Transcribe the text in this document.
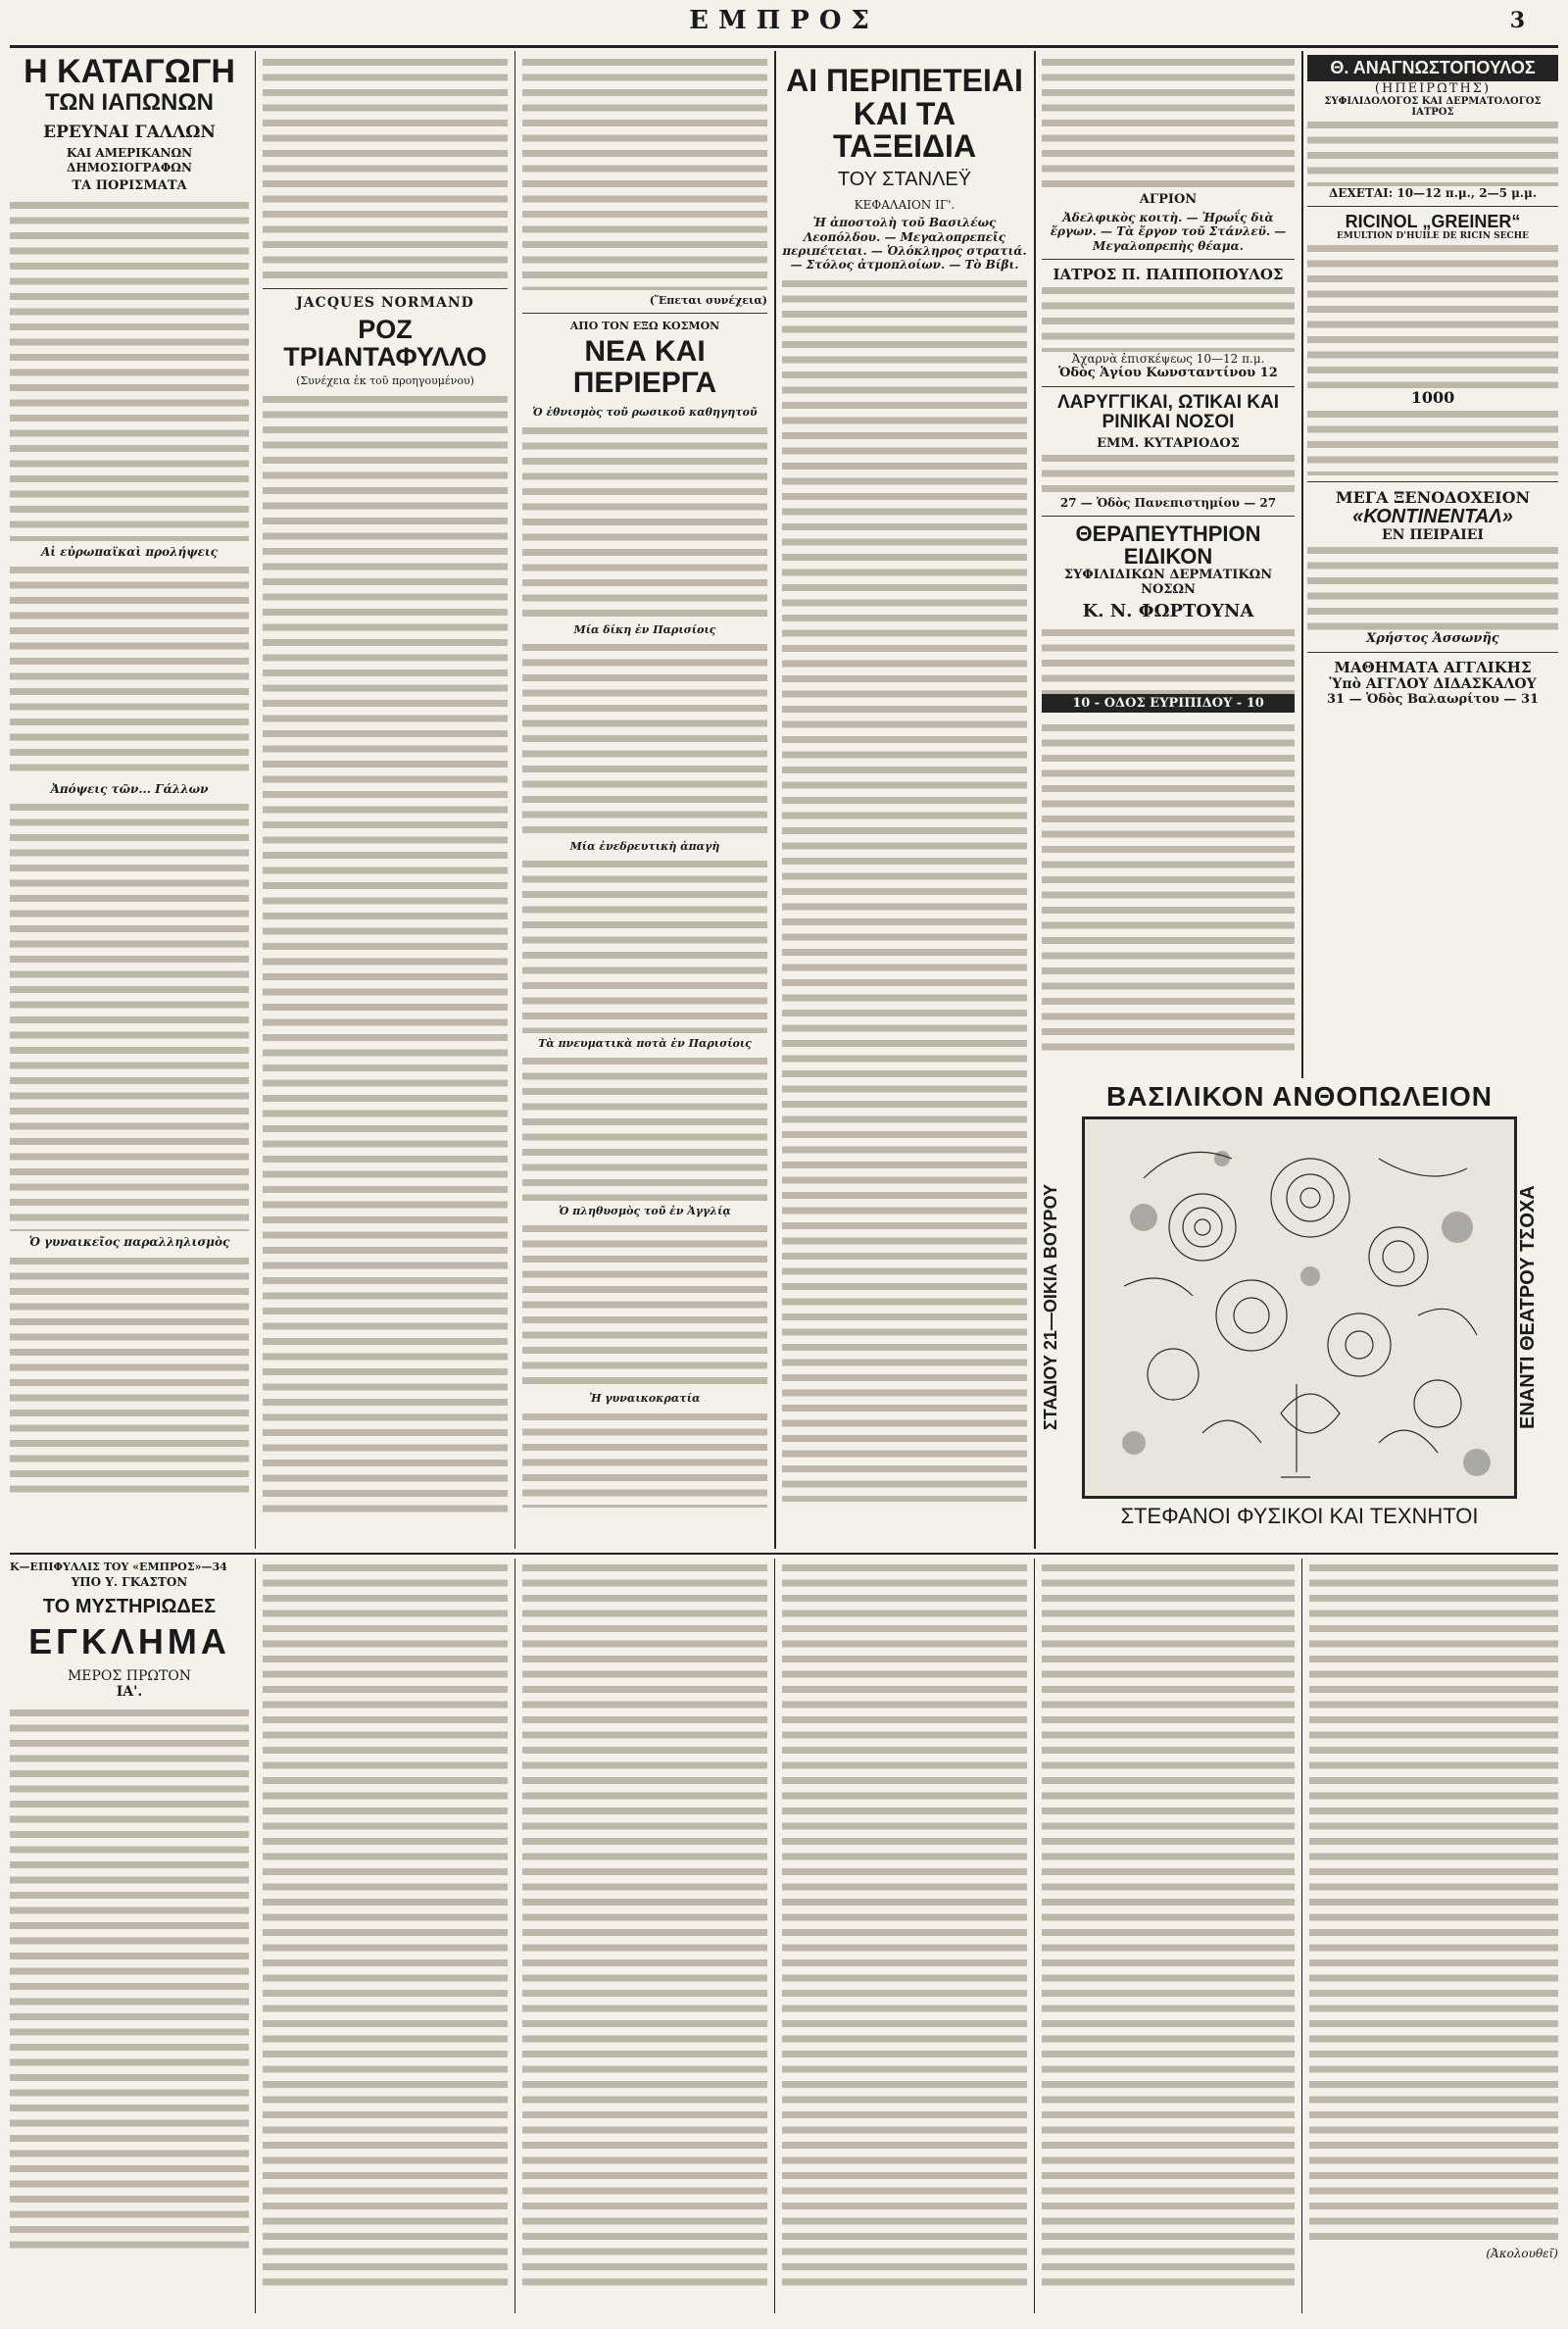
ΕΜΠΡΟΣ	3
Η ΚΑΤΑΓΩΓΗ
ΤΩΝ ΙΑΠΩΝΩΝ
ΕΡΕΥΝΑΙ ΓΑΛΛΩΝ
ΚΑΙ ΑΜΕΡΙΚΑΝΩΝ ΔΗΜΟΣΙΟΓΡΑΦΩΝ
ΤΑ ΠΟΡΙΣΜΑΤΑ
Αἱ εὐρωπαϊκαὶ προλήψεις
Ἀπόψεις τῶν... Γάλλων
Ὁ γυναικεῖος παραλληλισμὸς
JACQUES NORMAND
ΡΟΖ ΤΡΙΑΝΤΑΦΥΛΛΟ
(Συνέχεια ἐκ τοῦ προηγουμένου)
(Ἕπεται συνέχεια)
ΑΠΟ ΤΟΝ ΕΞΩ ΚΟΣΜΟΝ
ΝΕΑ ΚΑΙ ΠΕΡΙΕΡΓΑ
Ὁ ἐθνισμὸς τοῦ ρωσικοῦ καθηγητοῦ
Μία δίκη ἐν Παρισίοις
Μία ἐνεδρευτικὴ ἀπαγὴ
Τὰ πνευματικὰ ποτὰ ἐν Παρισίοις
Ὁ πληθυσμὸς τοῦ ἐν Ἀγγλίᾳ
Ἡ γυναικοκρατία
ΑΙ ΠΕΡΙΠΕΤΕΙΑΙ ΚΑΙ ΤΑ ΤΑΞΕΙΔΙΑ
ΤΟΥ ΣΤΑΝΛΕΫ
ΚΕΦΑΛΑΙΟΝ ΙΓ'.
Ἡ ἀποστολὴ τοῦ Βασιλέως Λεοπόλδου. — Μεγαλοπρεπεῖς περιπέτειαι. — Ὁλόκληρος στρατιά. — Στόλος ἀτμοπλοίων. — Τὸ Βίβι.
ΑΓΡΙΟΝ
Ἀδελφικὸς κοιτὴ. — Ἡρωΐς διὰ ἔργων. — Τὰ ἔργον τοῦ Στάνλεϋ. — Μεγαλοπρεπὴς θέαμα.
ΙΑΤΡΟΣ Π. ΠΑΠΠΟΠΟΥΛΟΣ
Ἀχαρνὰ ἐπισκέψεως 10—12 π.μ.
Ὁδὸς Ἁγίου Κωνσταντίνου 12
ΛΑΡΥΓΓΙΚΑΙ, ΩΤΙΚΑΙ ΚΑΙ ΡΙΝΙΚΑΙ ΝΟΣΟΙ
ΕΜΜ. ΚΥΤΑΡΙΟΔΟΣ
27 — Ὁδὸς Πανεπιστημίου — 27
ΘΕΡΑΠΕΥΤΗΡΙΟΝ ΕΙΔΙΚΟΝ
ΣΥΦΙΛΙΔΙΚΩΝ ΔΕΡΜΑΤΙΚΩΝ ΝΟΣΩΝ
Κ. Ν. ΦΩΡΤΟΥΝΑ
10 - ΟΔΟΣ ΕΥΡΙΠΙΔΟΥ - 10
Θ. ΑΝΑΓΝΩΣΤΟΠΟΥΛΟΣ
(ΗΠΕΙΡΩΤΗΣ)
ΣΥΦΙΛΙΔΟΛΟΓΟΣ ΚΑΙ ΔΕΡΜΑΤΟΛΟΓΟΣ ΙΑΤΡΟΣ
ΔΕΧΕΤΑΙ: 10—12 π.μ., 2—5 μ.μ.
RICINOL „GREINER“
EMULTION D'HUILE DE RICIN SECHE
1000
ΜΕΓΑ ΞΕΝΟΔΟΧΕΙΟΝ
«ΚΟΝΤΙΝΕΝΤΑΛ»
ΕΝ ΠΕΙΡΑΙΕΙ
Χρήστος Ἀσσωνῆς
ΜΑΘΗΜΑΤΑ ΑΓΓΛΙΚΗΣ
Ὑπὸ ΑΓΓΛΟΥ ΔΙΔΑΣΚΑΛΟΥ
31 — Ὁδὸς Βαλαωρίτου — 31
ΒΑΣΙΛΙΚΟΝ ΑΝΘΟΠΩΛΕΙΟΝ
ΣΤΑΔΙΟΥ 21—ΟΙΚΙΑ ΒΟΥΡΟΥ	ΕΝΑΝΤΙ ΘΕΑΤΡΟΥ ΤΣΟΧΑ
ΣΤΕΦΑΝΟΙ ΦΥΣΙΚΟΙ ΚΑΙ ΤΕΧΝΗΤΟΙ
Κ—ΕΠΙΦΥΛΛΙΣ ΤΟΥ «ΕΜΠΡΟΣ»—34
ΥΠΟ Υ. ΓΚΑΣΤΟΝ
ΤΟ ΜΥΣΤΗΡΙΩΔΕΣ
ΕΓΚΛΗΜΑ
ΜΕΡΟΣ ΠΡΩΤΟΝ
ΙΑ'.
(Ἀκολουθεῖ)
